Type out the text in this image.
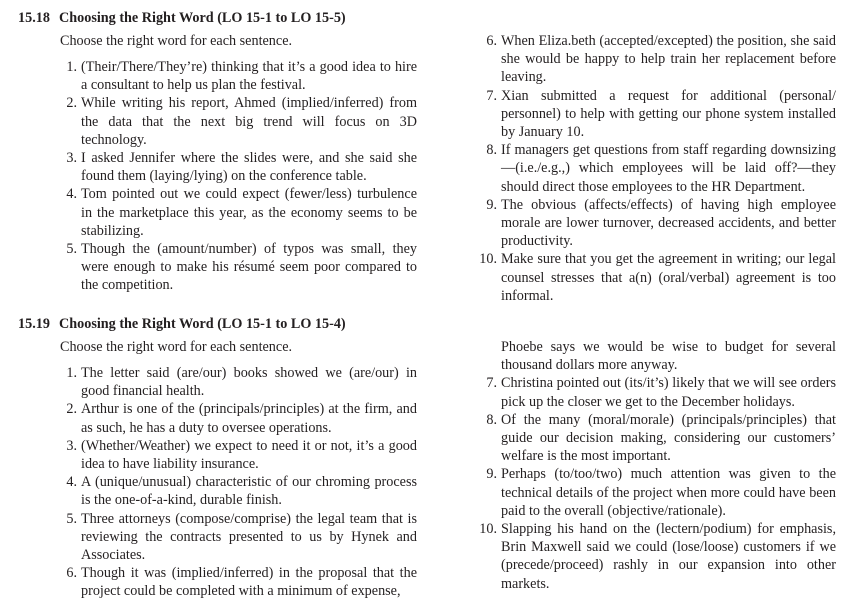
15.18 Choosing the Right Word (LO 15-1 to LO 15-5)

Choose the right word for each sentence.

1. (Their/There/They’re) thinking that it’s a good idea to hire a consultant to help us plan the festival.
2. While writing his report, Ahmed (implied/inferred) from the data that the next big trend will focus on 3D technology.
3. I asked Jennifer where the slides were, and she said she found them (laying/lying) on the conference table.
4. Tom pointed out we could expect (fewer/less) turbulence in the marketplace this year, as the economy seems to be stabilizing.
5. Though the (amount/number) of typos was small, they were enough to make his résumé seem poor compared to the competition.
6. When Eliza.beth (accepted/excepted) the position, she said she would be happy to help train her replacement before leaving.
7. Xian submitted a request for additional (personal/ personnel) to help with getting our phone system installed by January 10.
8. If managers get questions from staff regarding downsizing—(i.e./e.g.,) which employees will be laid off?—they should direct those employees to the HR Department.
9. The obvious (affects/effects) of having high employee morale are lower turnover, decreased accidents, and better productivity.
10. Make sure that you get the agreement in writing; our legal counsel stresses that a(n) (oral/verbal) agreement is too informal.
15.19 Choosing the Right Word (LO 15-1 to LO 15-4)

Choose the right word for each sentence.

1. The letter said (are/our) books showed we (are/our) in good financial health.
2. Arthur is one of the (principals/principles) at the firm, and as such, he has a duty to oversee operations.
3. (Whether/Weather) we expect to need it or not, it’s a good idea to have liability insurance.
4. A (unique/unusual) characteristic of our chroming process is the one-of-a-kind, durable finish.
5. Three attorneys (compose/comprise) the legal team that is reviewing the contracts presented to us by Hynek and Associates.
6. Though it was (implied/inferred) in the proposal that the project could be completed with a minimum of expense,

Phoebe says we would be wise to budget for several thousand dollars more anyway.

7. Christina pointed out (its/it’s) likely that we will see orders pick up the closer we get to the December holidays.
8. Of the many (moral/morale) (principals/principles) that guide our decision making, considering our customers’ welfare is the most important.
9. Perhaps (to/too/two) much attention was given to the technical details of the project when more could have been paid to the overall (objective/rationale).
10. Slapping his hand on the (lectern/podium) for emphasis, Brin Maxwell said we could (lose/loose) customers if we (precede/proceed) rashly in our expansion into other markets.
